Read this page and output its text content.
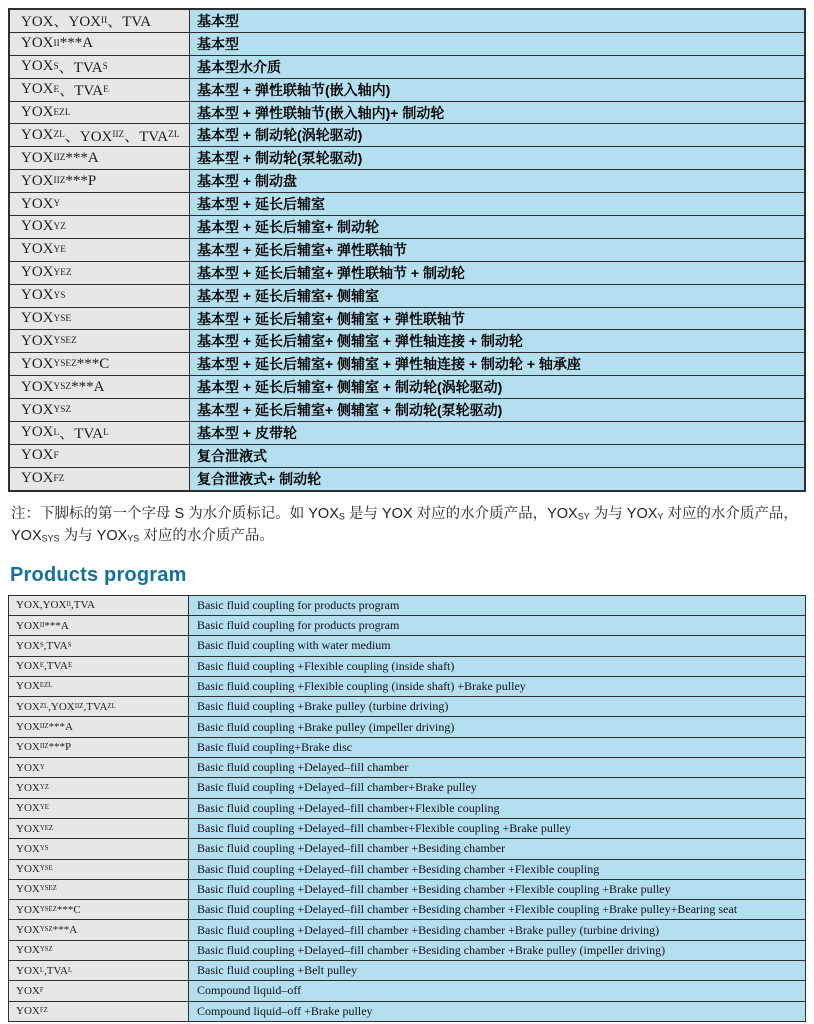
YOX、YOX II 、TVA	基本型
YOX II ***A	基本型
YOX S 、TVA S	基本型水介质
YOX E 、TVA E	基本型 + 弹性联轴节(嵌入轴内)
YOX EZL	基本型 + 弹性联轴节(嵌入轴内)+ 制动轮
YOX ZL 、YOX IIZ 、TVA ZL	基本型 + 制动轮(涡轮驱动)
YOX IIZ ***A	基本型 + 制动轮(泵轮驱动)
YOX IIZ ***P	基本型 + 制动盘
YOX Y	基本型 + 延长后辅室
YOX YZ	基本型 + 延长后辅室+ 制动轮
YOX YE	基本型 + 延长后辅室+ 弹性联轴节
YOX YEZ	基本型 + 延长后辅室+ 弹性联轴节 + 制动轮
YOX YS	基本型 + 延长后辅室+ 侧辅室
YOX YSE	基本型 + 延长后辅室+ 侧辅室 + 弹性联轴节
YOX YSEZ	基本型 + 延长后辅室+ 侧辅室 + 弹性轴连接 + 制动轮
YOX YSEZ ***C	基本型 + 延长后辅室+ 侧辅室 + 弹性轴连接 + 制动轮 + 轴承座
YOX YSZ ***A	基本型 + 延长后辅室+ 侧辅室 + 制动轮(涡轮驱动)
YOX YSZ	基本型 + 延长后辅室+ 侧辅室 + 制动轮(泵轮驱动)
YOX L 、TVA L	基本型 + 皮带轮
YOX F	复合泄液式
YOX FZ	复合泄液式+ 制动轮

注：下脚标的第一个字母 S 为水介质标记。如 $YOX_S$ 是与 YOX 对应的水介质产品，$YOX_{SY}$ 为与 $YOX_Y$ 对应的水介质产品，$YOX_{SYS}$ 为与 $YOX_{YS}$ 对应的水介质产品。

Products program
YOX,YOX II ,TVA	Basic fluid coupling for products program
YOX II ***A	Basic fluid coupling for products program
YOX S ,TVA S	Basic fluid coupling with water medium
YOX E ,TVA E	Basic fluid coupling +Flexible coupling (inside shaft)
YOX EZL	Basic fluid coupling +Flexible coupling (inside shaft) +Brake pulley
YOX ZL ,YOX IIZ ,TVA ZL	Basic fluid coupling +Brake pulley (turbine driving)
YOX IIZ ***A	Basic fluid coupling +Brake pulley (impeller driving)
YOX IIZ ***P	Basic fluid coupling+Brake disc
YOX Y	Basic fluid coupling +Delayed–fill chamber
YOX YZ	Basic fluid coupling +Delayed–fill chamber+Brake pulley
YOX YE	Basic fluid coupling +Delayed–fill chamber+Flexible coupling
YOX YEZ	Basic fluid coupling +Delayed–fill chamber+Flexible coupling +Brake pulley
YOX YS	Basic fluid coupling +Delayed–fill chamber +Besiding chamber
YOX YSE	Basic fluid coupling +Delayed–fill chamber +Besiding chamber +Flexible coupling
YOX YSEZ	Basic fluid coupling +Delayed–fill chamber +Besiding chamber +Flexible coupling +Brake pulley
YOX YSEZ ***C	Basic fluid coupling +Delayed–fill chamber +Besiding chamber +Flexible coupling +Brake pulley+Bearing seat
YOX YSZ ***A	Basic fluid coupling +Delayed–fill chamber +Besiding chamber +Brake pulley (turbine driving)
YOX YSZ	Basic fluid coupling +Delayed–fill chamber +Besiding chamber +Brake pulley (impeller driving)
YOX L ,TVA L	Basic fluid coupling +Belt pulley
YOX F	Compound liquid–off
YOX FZ	Compound liquid–off +Brake pulley
